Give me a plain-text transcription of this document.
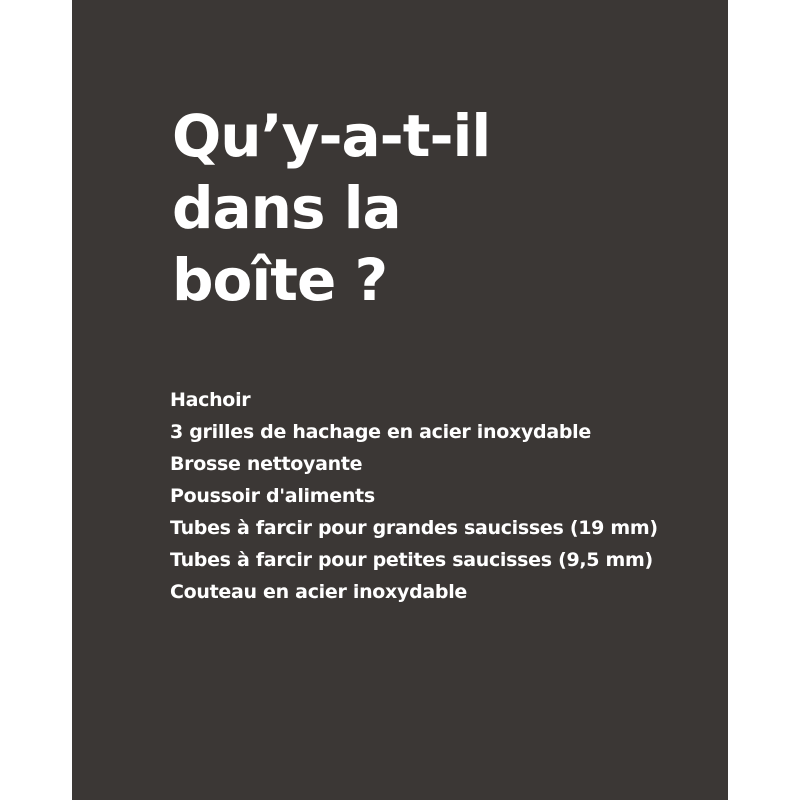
Qu’y-a-t-il
dans la
boîte ?
Hachoir
3 grilles de hachage en acier inoxydable
Brosse nettoyante
Poussoir d'aliments
Tubes à farcir pour grandes saucisses (19 mm)
Tubes à farcir pour petites saucisses (9,5 mm)
Couteau en acier inoxydable
